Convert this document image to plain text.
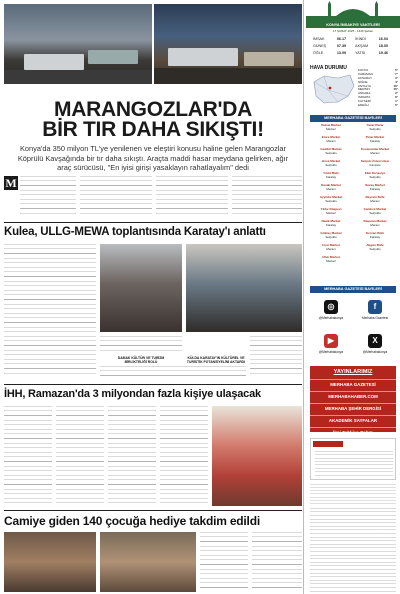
MARANGOZLAR'DA
BİR TIR DAHA SIKIŞTI!
Konya'da 350 milyon TL'ye yenilenen ve eleştiri konusu haline gelen Marangozlar
Köprülü Kavşağında bir tır daha sıkıştı. Araçta maddi hasar meydana gelirken, ağır
araç sürücüsü, "En iyisi girişi yasaklayın rahatlayalım" dedi
M
Kulea, ULLG-MEWA toplantısında Karatay'ı anlattı
DAMAK KÜLTÜR VE TURİZM
BİRLİKTELİĞİ ROLÜ
KÜLDA KARATAY'IN KÜLTÜREL VE
TURİSTİK POTANSİYELİNİ AKTARDI
İHH, Ramazan'da 3 milyondan fazla kişiye ulaşacak
Camiye giden 140 çocuğa hediye takdim edildi
KONYA İMSAKİYE VAKİTLERİ
17 ŞUBAT 2025 - 1446 Şaban
İMSAK	06.17	İKİNDİ	16.03
GÜNEŞ	07.39	AKŞAM	18.00
ÖĞLE	13.09	YATSI	19.46
HAVA DURUMU	KONYA	5°
KARAMAN	7°
AKSARAY	3°
NİĞDE	4°
ANTALYA	16°
MERSİN	15°
ANKARA	2°
ISPARTA	6°
KAYSERİ	1°
EREĞLİ	5°
MERHABA GAZETESİ BAYİLERİ
Kubat Market
Merkez
Yazar Pazar
Selçuklu
Emre Market
Meram
Pınar Market
Karatay
Gedikli Market
Selçuklu
Kocamanlar Market
Meram
Hoca Market
Selçuklu
Selçuk Üniversitesi
Kampüs
Yıldız Büfe
Karatay
Ekin Kırtasiye
Selçuklu
Kavak Market
Meram
Savaş Market
Karatay
Ayyıldız Market
Selçuklu
Bayram Büfe
Meram
Yıldız Kitapevi
Merkez
Çamlıca Market
Selçuklu
Nazik Market
Karatay
Başaran Market
Meram
Göktaş Market
Selçuklu
Kervan Büfe
Karatay
Uçar Market
Meram
Akgün Büfe
Selçuklu
Ufuk Market
Merkez
MERHABA GAZETESİ BAYİLERİ
◎
@Merhabakonya
f
Merhaba Gazetesi
▶
@Merhabakonya
X
@Merhabakonya
YAYINLARIMIZ
MERHABA GAZETESİ
MERHABAHABER.COM
MERHABA ŞEHİR DERGİSİ
AKADEMİK SAYFALAR
İlmi Tahkiye Rahm
